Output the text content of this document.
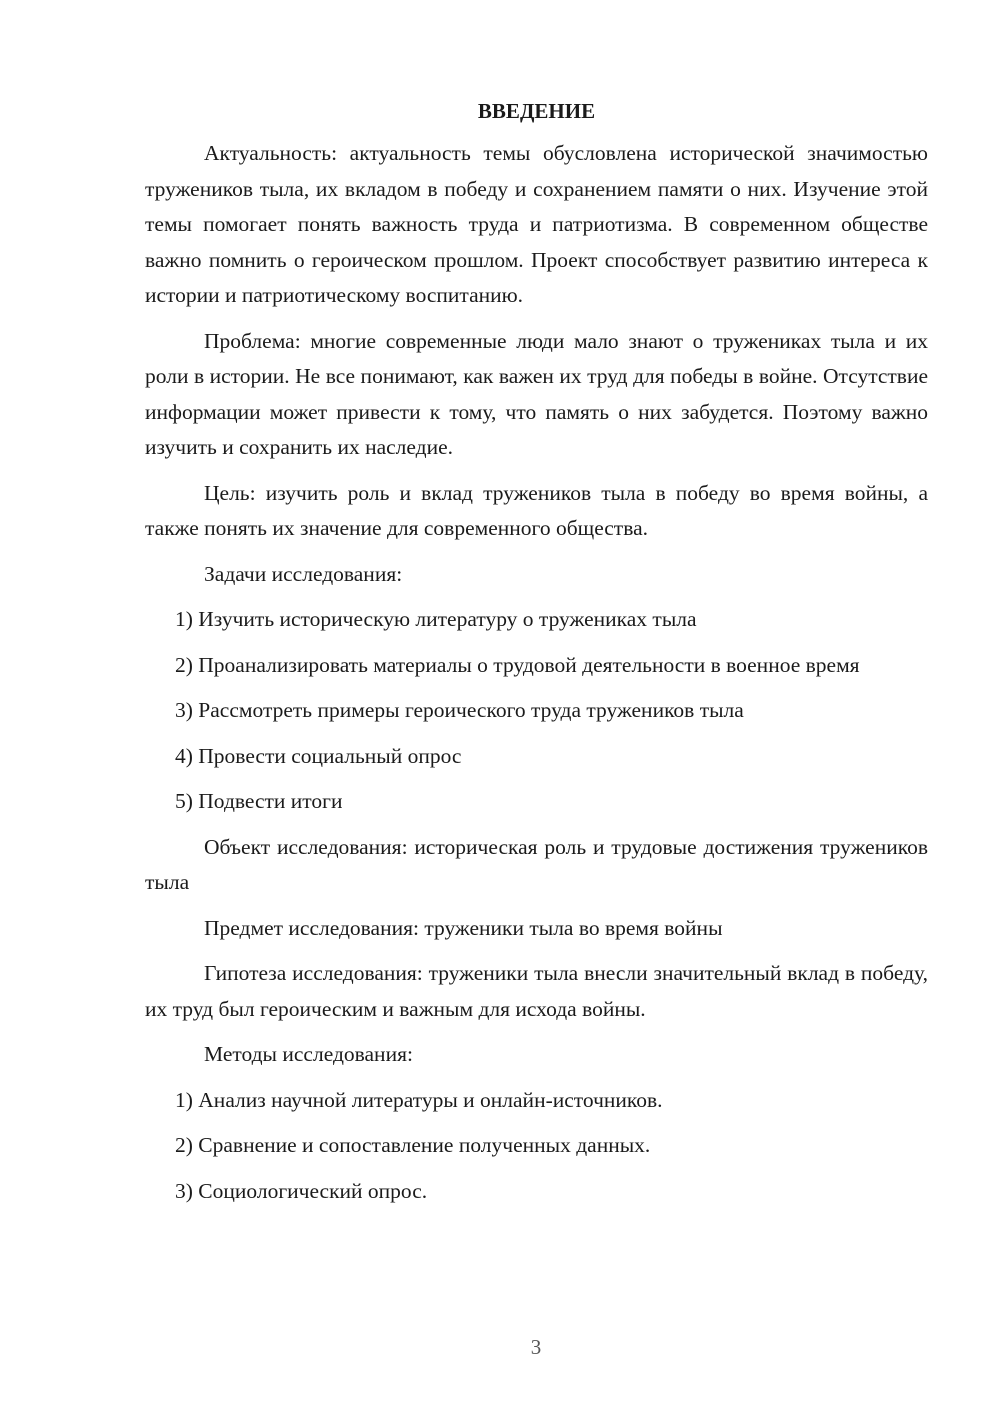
ВВЕДЕНИЕ

Актуальность: актуальность темы обусловлена исторической значимостью тружеников тыла, их вкладом в победу и сохранением памяти о них. Изучение этой темы помогает понять важность труда и патриотизма. В современном обществе важно помнить о героическом прошлом. Проект способствует развитию интереса к истории и патриотическому воспитанию.

Проблема: многие современные люди мало знают о тружениках тыла и их роли в истории. Не все понимают, как важен их труд для победы в войне. Отсутствие информации может привести к тому, что память о них забудется. Поэтому важно изучить и сохранить их наследие.

Цель: изучить роль и вклад тружеников тыла в победу во время войны, а также понять их значение для современного общества.

Задачи исследования:

1) Изучить историческую литературу о тружениках тыла

2) Проанализировать материалы о трудовой деятельности в военное время

3) Рассмотреть примеры героического труда тружеников тыла

4) Провести социальный опрос

5) Подвести итоги

Объект исследования: историческая роль и трудовые достижения тружеников тыла

Предмет исследования: труженики тыла во время войны

Гипотеза исследования: труженики тыла внесли значительный вклад в победу, их труд был героическим и важным для исхода войны.

Методы исследования:

1) Анализ научной литературы и онлайн-источников.

2) Сравнение и сопоставление полученных данных.

3) Социологический опрос.

3
